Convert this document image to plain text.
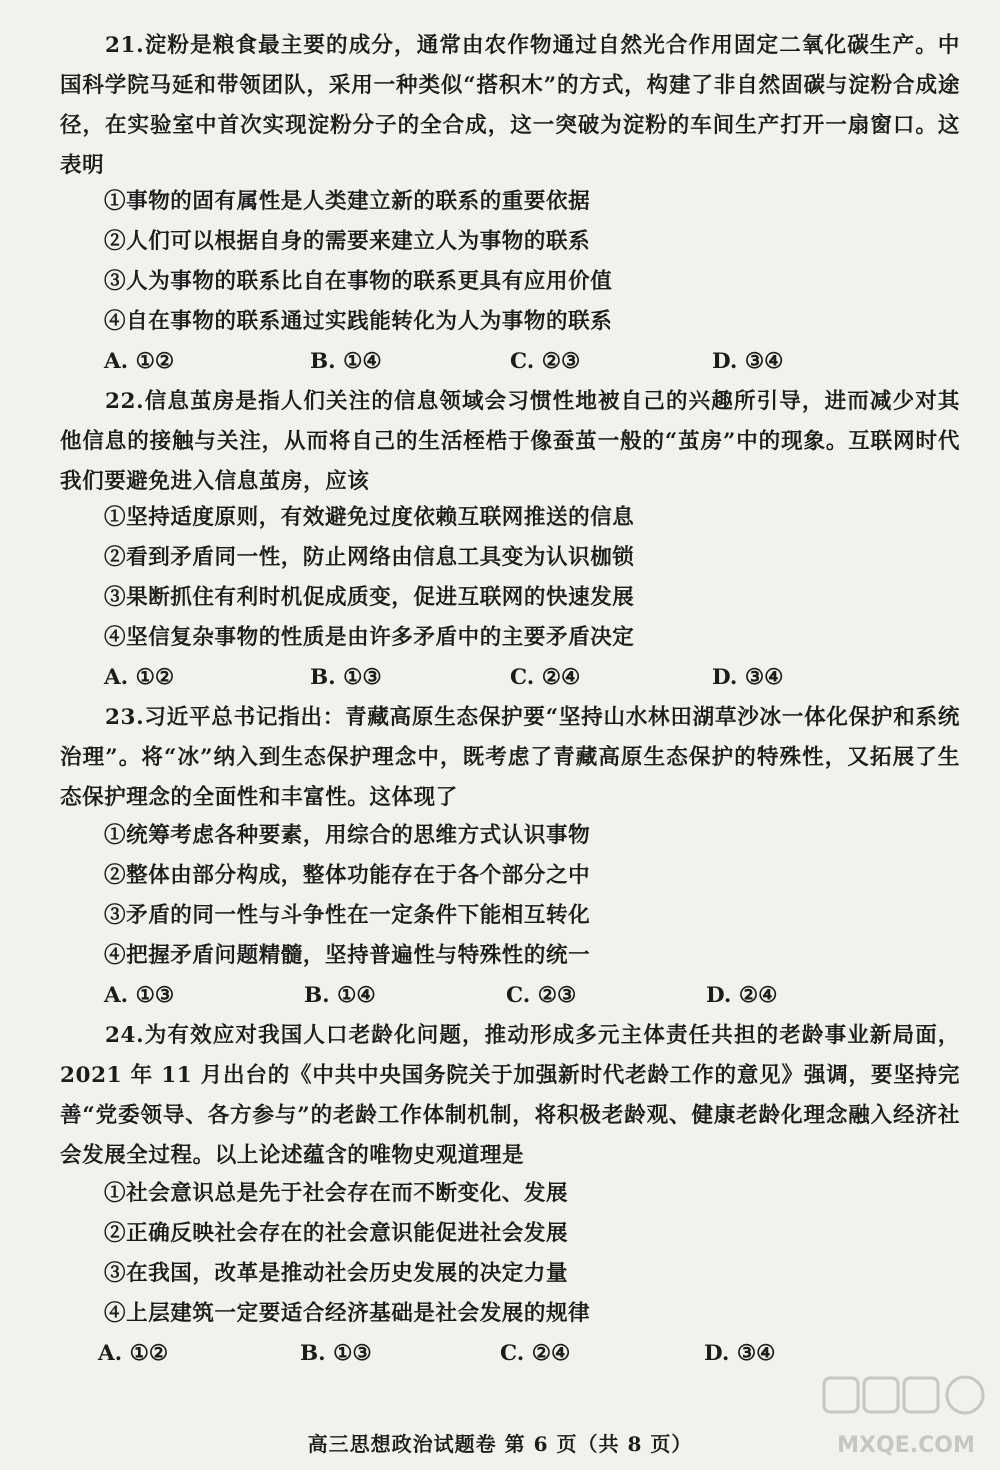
21.淀粉是粮食最主要的成分，通常由农作物通过自然光合作用固定二氧化碳生产。中国科学院马延和带领团队，采用一种类似“搭积木”的方式，构建了非自然固碳与淀粉合成途径，在实验室中首次实现淀粉分子的全合成，这一突破为淀粉的车间生产打开一扇窗口。这表明
①事物的固有属性是人类建立新的联系的重要依据
②人们可以根据自身的需要来建立人为事物的联系
③人为事物的联系比自在事物的联系更具有应用价值
④自在事物的联系通过实践能转化为人为事物的联系
A. ①②	B. ①④	C. ②③	D. ③④
22.信息茧房是指人们关注的信息领域会习惯性地被自己的兴趣所引导，进而减少对其他信息的接触与关注，从而将自己的生活桎梏于像蚕茧一般的“茧房”中的现象。互联网时代我们要避免进入信息茧房，应该
①坚持适度原则，有效避免过度依赖互联网推送的信息
②看到矛盾同一性，防止网络由信息工具变为认识枷锁
③果断抓住有利时机促成质变，促进互联网的快速发展
④坚信复杂事物的性质是由许多矛盾中的主要矛盾决定
A. ①②	B. ①③	C. ②④	D. ③④
23.习近平总书记指出：青藏高原生态保护要“坚持山水林田湖草沙冰一体化保护和系统治理”。将“冰”纳入到生态保护理念中，既考虑了青藏高原生态保护的特殊性，又拓展了生态保护理念的全面性和丰富性。这体现了
①统筹考虑各种要素，用综合的思维方式认识事物
②整体由部分构成，整体功能存在于各个部分之中
③矛盾的同一性与斗争性在一定条件下能相互转化
④把握矛盾问题精髓，坚持普遍性与特殊性的统一
A. ①③	B. ①④	C. ②③	D. ②④
24.为有效应对我国人口老龄化问题，推动形成多元主体责任共担的老龄事业新局面，2021 年 11 月出台的《中共中央国务院关于加强新时代老龄工作的意见》强调，要坚持完善“党委领导、各方参与”的老龄工作体制机制，将积极老龄观、健康老龄化理念融入经济社会发展全过程。以上论述蕴含的唯物史观道理是
①社会意识总是先于社会存在而不断变化、发展
②正确反映社会存在的社会意识能促进社会发展
③在我国，改革是推动社会历史发展的决定力量
④上层建筑一定要适合经济基础是社会发展的规律
A. ①②	B. ①③	C. ②④	D. ③④
高三思想政治试题卷 第 6 页（共 8 页）	MXQE.COM
